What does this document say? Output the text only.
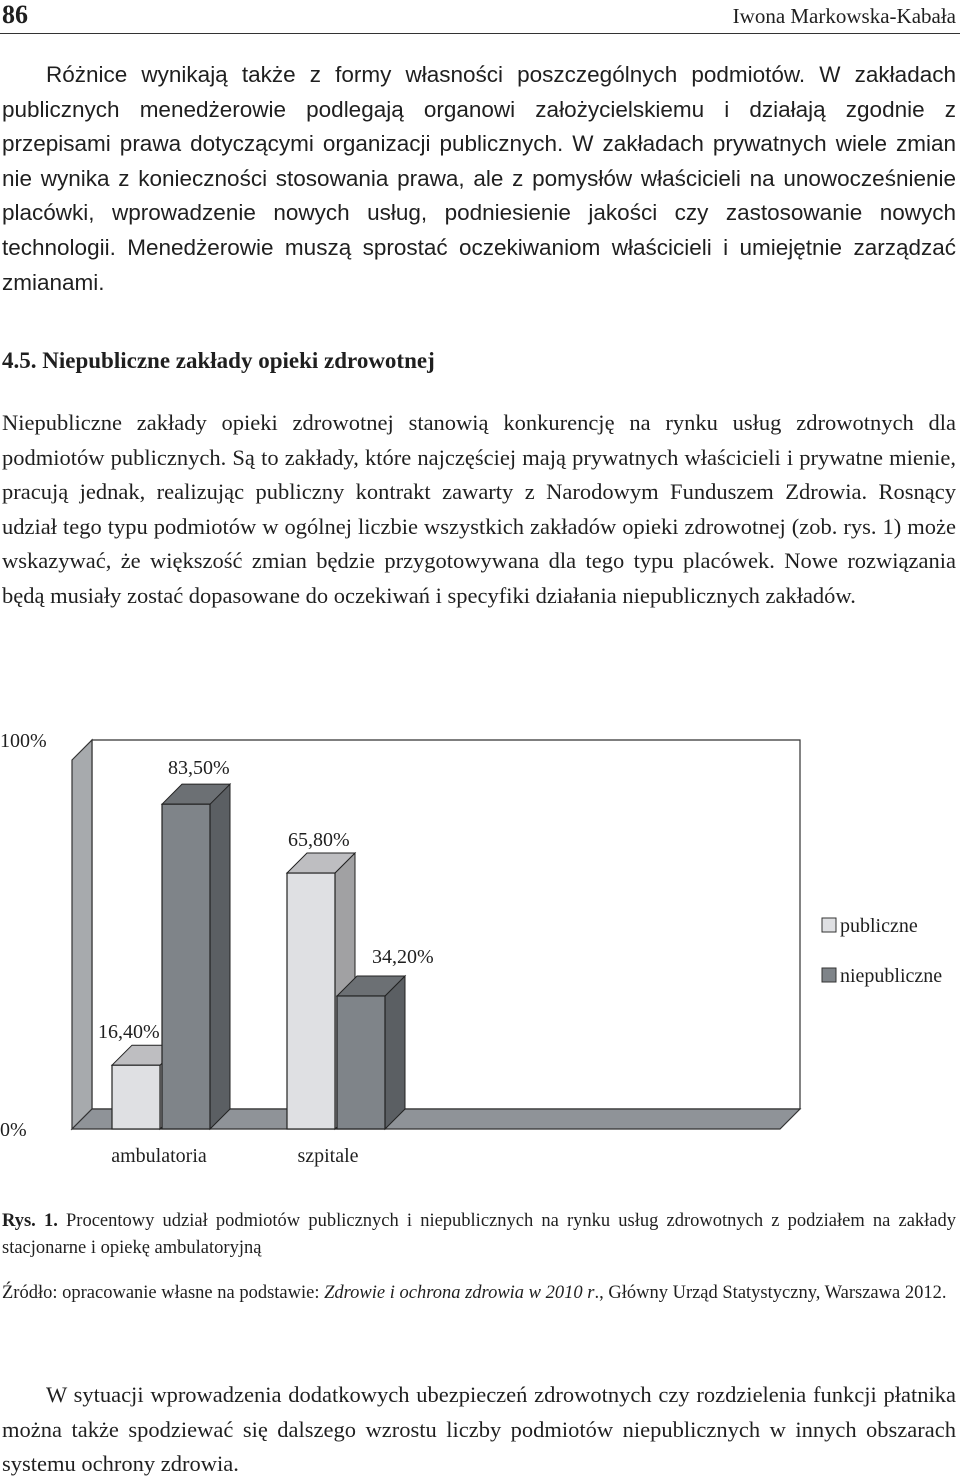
86	Iwona Markowska-Kabała

Różnice wynikają także z formy własności poszczególnych podmiotów. W zakładach publicznych menedżerowie podlegają organowi założycielskiemu i działają zgodnie z przepisami prawa dotyczącymi organizacji publicznych. W zakładach prywatnych wiele zmian nie wynika z konieczności stosowania prawa, ale z pomysłów właścicieli na unowocześnienie placówki, wprowadzenie nowych usług, podniesienie jakości czy zastosowanie nowych technologii. Menedżerowie muszą sprostać oczekiwaniom właścicieli i umiejętnie zarządzać zmianami.

4.5. Niepubliczne zakłady opieki zdrowotnej

Niepubliczne zakłady opieki zdrowotnej stanowią konkurencję na rynku usług zdrowotnych dla podmiotów publicznych. Są to zakłady, które najczęściej mają prywatnych właścicieli i prywatne mienie, pracują jednak, realizując publiczny kontrakt zawarty z Narodowym Funduszem Zdrowia. Rosnący udział tego typu podmiotów w ogólnej liczbie wszystkich zakładów opieki zdrowotnej (zob. rys. 1) może wskazywać, że większość zmian będzie przygotowywana dla tego typu placówek. Nowe rozwiązania będą musiały zostać dopasowane do oczekiwań i specyfiki działania niepublicznych zakładów.

0%
100%
16,40%
83,50%
ambulatoria
65,80%
34,20%
szpitale
publiczne
niepubliczne

Rys. 1. Procentowy udział podmiotów publicznych i niepublicznych na rynku usług zdrowotnych z podziałem na zakłady stacjonarne i opiekę ambulatoryjną

Źródło: opracowanie własne na podstawie: Zdrowie i ochrona zdrowia w 2010 r., Główny Urząd Statystyczny, Warszawa 2012.

W sytuacji wprowadzenia dodatkowych ubezpieczeń zdrowotnych czy rozdzielenia funkcji płatnika można także spodziewać się dalszego wzrostu liczby podmiotów niepublicznych w innych obszarach systemu ochrony zdrowia.
